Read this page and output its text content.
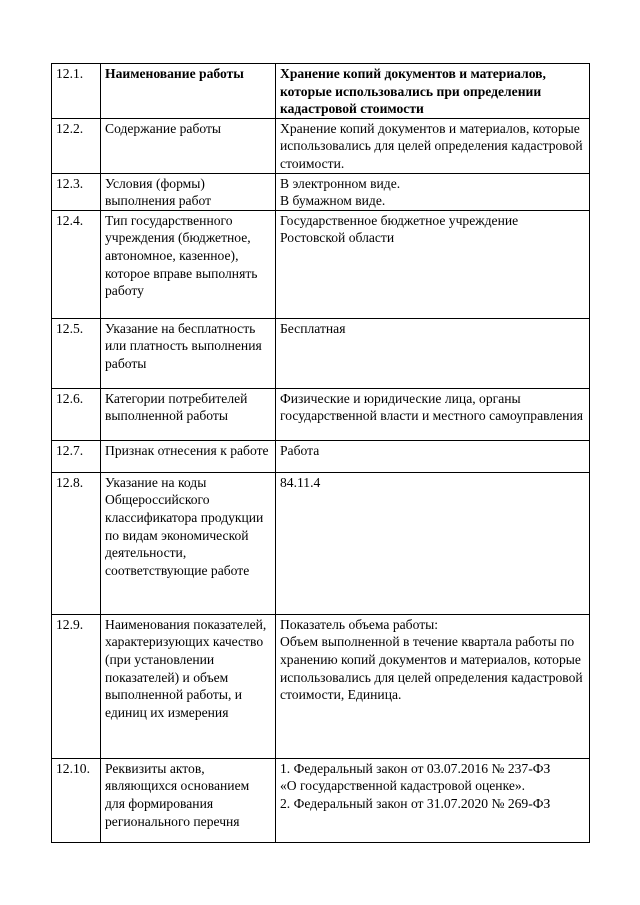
12.1.	Наименование работы	Хранение копий документов и материалов, которые использовались при определении кадастровой стоимости

12.2.	Содержание работы	Хранение копий документов и материалов, которые использовались для целей определения кадастровой стоимости.

12.3.	Условия (формы) выполнения работ	В электронном виде.
В бумажном виде.

12.4.	Тип государственного учреждения (бюджетное, автономное, казенное), которое вправе выполнять работу	Государственное бюджетное учреждение Ростовской области

12.5.	Указание на бесплатность или платность выполнения работы	Бесплатная

12.6.	Категории потребителей выполненной работы	Физические и юридические лица, органы государственной власти и местного самоуправления

12.7.	Признак отнесения к работе	Работа

12.8.	Указание на коды Общероссийского классификатора продукции по видам экономической деятельности, соответствующие работе	84.11.4

12.9.	Наименования показателей, характеризующих качество (при установлении показателей) и объем выполненной работы, и единиц их измерения	Показатель объема работы:
Объем выполненной в течение квартала работы по хранению копий документов и материалов, которые использовались для целей определения кадастровой стоимости, Единица.

12.10.	Реквизиты актов, являющихся основанием для формирования регионального перечня	1. Федеральный закон от 03.07.2016 № 237-ФЗ
«О государственной кадастровой оценке».
2. Федеральный закон от 31.07.2020 № 269-ФЗ
